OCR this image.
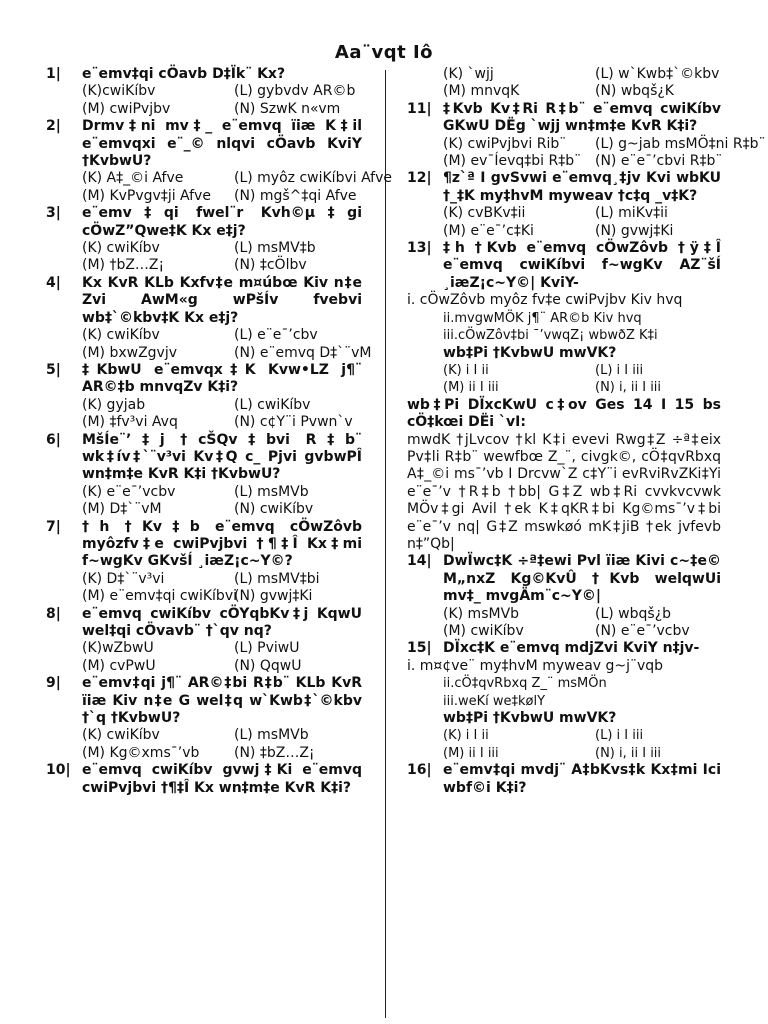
Aa¨vqt Iô
1| e¨emv‡qi cÖavb D‡Ïk¨ Kx?
(K)cwiKíbv	(L) gybvdv AR©b
(M) cwiPvjbv	(N) SzwK n«vm
2| Drmv‡ni mv‡_ e¨emvq ïiæ K‡il e¨emvqxi e¨_© nlqvi cÖavb KviY †KvbwU?
(K) A‡_©i Afve	(L) myôz cwiKíbvi Afve
(M) KvPvgv‡ji Afve	(N) mgš^‡qi Afve
3| e¨emv‡qi fwel¨r Kvh©µ‡gi cÖwZ”Qwe‡K Kx e‡j?
(K) cwiKíbv	(L) msMV‡b
(M) †bZ…Z¡	(N) ‡cÖlbv
4| Kx KvR KLb Kxfv‡e m¤úbœ Kiv n‡e Zvi AwM«g wPšÍv fvebvi wb‡`©kbv‡K Kx e‡j?
(K) cwiKíbv	(L) e¨e¯’cbv
(M) bxwZgvjv	(N) e¨emvq D‡`¨vM
5| ‡KbwU e¨emvqx‡K Kvw•LZ j¶¨ AR©‡b mnvqZv K‡i?
(K) gyjab	(L) cwiKíbv
(M) ‡fv³vi Avq	(N) c¢Y¨i Pvwn`v
6| MšÍe¨’‡j †cŠQv‡bvi R‡b¨ wk‡ív‡`¨v³vi Kv‡Q c_ Pjvi gvbwPÎ wn‡m‡e KvR K‡i †KvbwU?
(K) e¨e¯’vcbv	(L) msMVb
(M) D‡`¨vM	(N) cwiKíbv
7| †h †Kv‡b e¨emvq cÖwZôvb myôzfv‡e cwiPvjbvi †¶‡Î Kx‡mi f~wgKv GKvšÍ ¸iæZ¡c~Y©?
(K) D‡`¨v³vi	(L) msMV‡bi
(M) e¨emv‡qi cwiKíbvi
(N) gvwj‡Ki
8| e¨emvq cwiKíbv cÖYqbKv‡j KqwU wel‡qi cÖvavb¨ †`qv nq?
(K)wZbwU	(L) PviwU
(M) cvPwU	(N) QqwU
9| e¨emv‡qi j¶¨ AR©‡bi R‡b¨ KLb KvR ïiæ Kiv n‡e G wel‡q w`Kwb‡`©kbv †`q †KvbwU?
(K) cwiKíbv	(L) msMVb
(M) Kg©xms¯’vb	(N) ‡bZ…Z¡
10| e¨emvq cwiKíbv gvwj‡Ki e¨emvq cwiPvjbvi †¶‡Î Kx wn‡m‡e KvR K‡i?
(K) `wjj	(L) w`Kwb‡`©kbv
(M) mnvqK	(N) wbqš¿K
11| ‡Kvb Kv‡Ri R‡b¨ e¨emvq cwiKíbv GKwU DËg `wjj wn‡m‡e KvR K‡i?
(K) cwiPvjbvi Rib¨	(L) g~jab msMÖ‡ni R‡b¨
(M) ev¯Íevq‡bi R‡b¨ (N) e¨e¯’cbvi R‡b¨
12| ¶z`ª I gvSvwi e¨emvq¸‡jv Kvi wbKU †_‡K my‡hvM myweav †c‡q _v‡K?
(K) cvBKv‡ii	(L) miKv‡ii
(M) e¨e¯’c‡Ki	(N) gvwj‡Ki
13| ‡h †Kvb e¨emvq cÖwZôvb †ÿ‡Î e¨emvq cwiKíbvi f~wgKv AZ¨šÍ ¸iæZ¡c~Y©| KviY-
i. cÖwZôvb myôz fv‡e cwiPvjbv Kiv hvq
ii.mvgwMÖK j¶¨ AR©b Kiv hvq
iii.cÖwZôv‡bi ¯’vwqZ¡ wbwðZ K‡i
wb‡Pi †KvbwU mwVK?
(K) i I ii	(L) i I iii
(M) ii I iii	(N) i, ii I iii
wb‡Pi DÏxcKwU c‡ov Ges 14 I 15 bs cÖ‡kœi DËi `vI:
mwdK †jLvcov †kl K‡i evevi Rwg‡Z ÷ª‡eix Pv‡li R‡b¨ wewfbœ Z_¨, civgk©, cÖ‡qvRbxq A‡_©i ms¯’vb I Drcvw`Z c‡Y¨i evRviRvZKi‡Yi e¨e¯’v †R‡b †bb| G‡Z wb‡Ri cvvkvcvwk MÖv‡gi Avil †ek K‡qKR‡bi Kg©ms¯’v‡bi e¨e¯’v nq| G‡Z mswkøó mK‡jiB †ek jvfevb n‡”Qb|
14| DwÏwc‡K ÷ª‡ewi Pvl ïiæ Kivi c~‡e© M„nxZ Kg©KvÛ †Kvb welqwUi mv‡_ mvgÄm¨c~Y©|
(K) msMVb	(L) wbqš¿b
(M) cwiKíbv	(N) e¨e¯’vcbv
15| DÏxc‡K e¨emvq mdjZvi KviY n‡jv-
i. m¤¢ve¨ my‡hvM myweav g~j¨vqb
ii.cÖ‡qvRbxq Z_¨ msMÖn
iii.weKí we‡kølY
wb‡Pi †KvbwU mwVK?
(K) i I ii	(L) i I iii
(M) ii I iii	(N) i, ii I iii
16| e¨emv‡qi mvdj¨ A‡bKvs‡k Kx‡mi Ici wbf©i K‡i?
